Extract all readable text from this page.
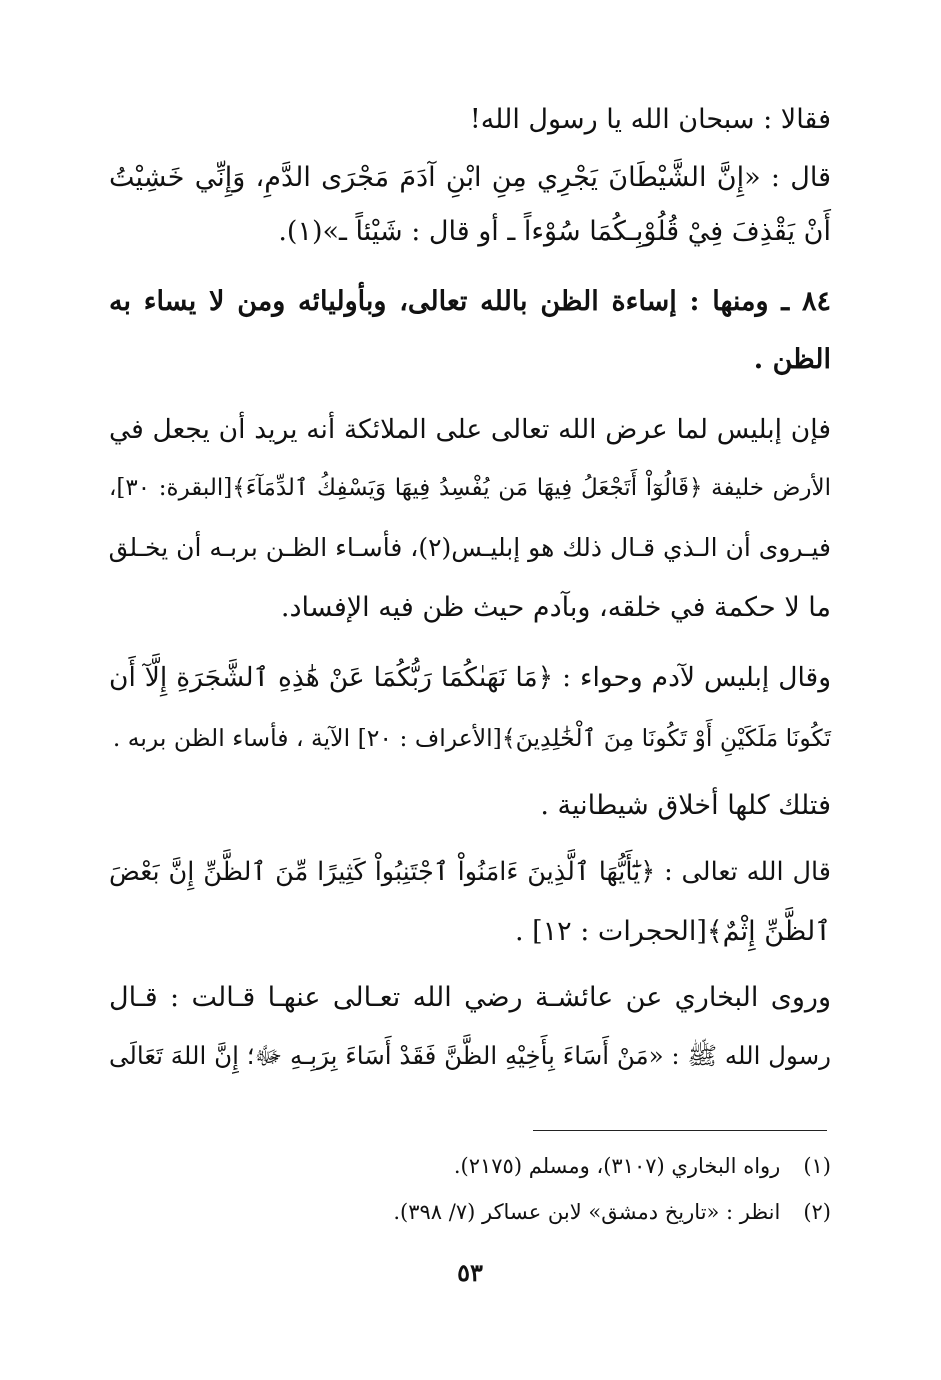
فقالا : سبحان الله يا رسول الله!
قال : «إِنَّ الشَّيْطَانَ يَجْرِي مِنِ ابْنِ آدَمَ مَجْرَى الدَّمِ، وَإِنِّي خَشِيْتُ
أَنْ يَقْذِفَ فِيْ قُلُوْبِـكُمَا سُوْءاً ـ أو قال : شَيْئاً ـ»(١).
٨٤ ـ ومنها : إساءة الظن بالله تعالى، وبأوليائه ومن لا يساء به
الظن .
فإن إبليس لما عرض الله تعالى على الملائكة أنه يريد أن يجعل في
الأرض خليفة ﴿قَالُوٓاْ أَتَجْعَلُ فِيهَا مَن يُفْسِدُ فِيهَا وَيَسْفِكُ ٱلدِّمَآءَ﴾[البقرة: ٣٠]،
فيـروى أن الـذي قـال ذلك هو إبليـس(٢)، فأسـاء الظـن بربـه أن يخـلق
ما لا حكمة في خلقه، وبآدم حيث ظن فيه الإفساد.
وقال إبليس لآدم وحواء : ﴿مَا نَهَىٰكُمَا رَبُّكُمَا عَنْ هَٰذِهِ ٱلشَّجَرَةِ إِلَّآ أَن
تَكُونَا مَلَكَيْنِ أَوْ تَكُونَا مِنَ ٱلْخَٰلِدِينَ﴾[الأعراف : ٢٠] الآية ، فأساء الظن بربه .
فتلك كلها أخلاق شيطانية .
قال الله تعالى : ﴿يَٰٓأَيُّهَا ٱلَّذِينَ ءَامَنُواْ ٱجْتَنِبُواْ كَثِيرًا مِّنَ ٱلظَّنِّ إِنَّ بَعْضَ
ٱلظَّنِّ إِثْمٌ﴾[الحجرات : ١٢] .
وروى البخاري عن عائشـة رضي الله تعـالى عنهـا قـالت : قـال
رسول الله ﷺ : «مَنْ أَسَاءَ بِأَخِيْهِ الظَّنَّ فَقَدْ أَسَاءَ بِرَبِـهِ ﷻ؛ إِنَّ اللهَ تَعَالَى
(١) رواه البخاري (٣١٠٧)، ومسلم (٢١٧٥).
(٢) انظر : «تاريخ دمشق» لابن عساكر (٧/ ٣٩٨).
٥٣
